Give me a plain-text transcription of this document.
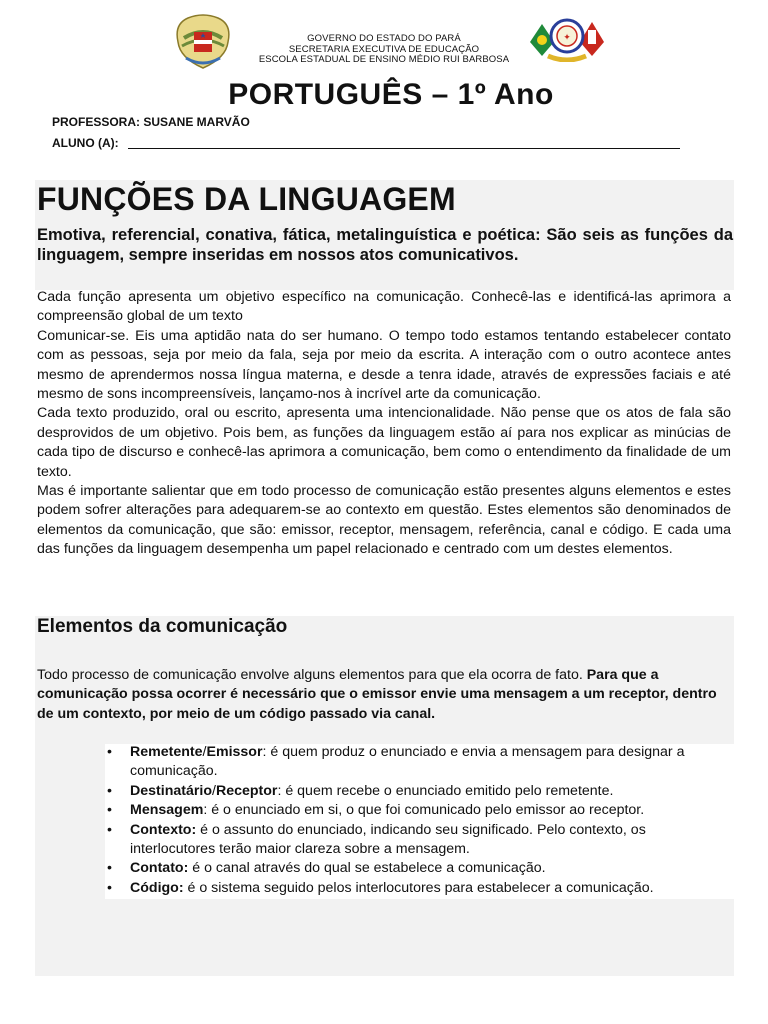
GOVERNO DO ESTADO DO PARÁ
SECRETARIA EXECUTIVA DE EDUCAÇÃO
ESCOLA ESTADUAL DE ENSINO MÉDIO RUI BARBOSA
✦
PORTUGUÊS – 1º Ano
PROFESSORA: SUSANE MARVÃO
ALUNO (A):
FUNÇÕES DA LINGUAGEM

Emotiva, referencial, conativa, fática, metalinguística e poética: São seis as funções da linguagem, sempre inseridas em nossos atos comunicativos.

Cada função apresenta um objetivo específico na comunicação. Conhecê-las e identificá-las aprimora a compreensão global de um texto

Comunicar-se. Eis uma aptidão nata do ser humano. O tempo todo estamos tentando estabelecer contato com as pessoas, seja por meio da fala, seja por meio da escrita. A interação com o outro acontece antes mesmo de aprendermos nossa língua materna, e desde a tenra idade, através de expressões faciais e até mesmo de sons incompreensíveis, lançamo-nos à incrível arte da comunicação.

Cada texto produzido, oral ou escrito, apresenta uma intencionalidade. Não pense que os atos de fala são desprovidos de um objetivo. Pois bem, as funções da linguagem estão aí para nos explicar as minúcias de cada tipo de discurso e conhecê-las aprimora a comunicação, bem como o entendimento da finalidade de um texto.

Mas é importante salientar que em todo processo de comunicação estão presentes alguns elementos e estes podem sofrer alterações para adequarem-se ao contexto em questão. Estes elementos são denominados de elementos da comunicação, que são: emissor, receptor, mensagem, referência, canal e código. E cada uma das funções da linguagem desempenha um papel relacionado e centrado com um destes elementos.

Elementos da comunicação

Todo processo de comunicação envolve alguns elementos para que ela ocorra de fato. Para que a comunicação possa ocorrer é necessário que o emissor envie uma mensagem a um receptor, dentro de um contexto, por meio de um código passado via canal.

• Remetente/Emissor: é quem produz o enunciado e envia a mensagem para designar a comunicação.
• Destinatário/Receptor: é quem recebe o enunciado emitido pelo remetente.
• Mensagem: é o enunciado em si, o que foi comunicado pelo emissor ao receptor.
• Contexto: é o assunto do enunciado, indicando seu significado. Pelo contexto, os interlocutores terão maior clareza sobre a mensagem.
• Contato: é o canal através do qual se estabelece a comunicação.
• Código: é o sistema seguido pelos interlocutores para estabelecer a comunicação.
